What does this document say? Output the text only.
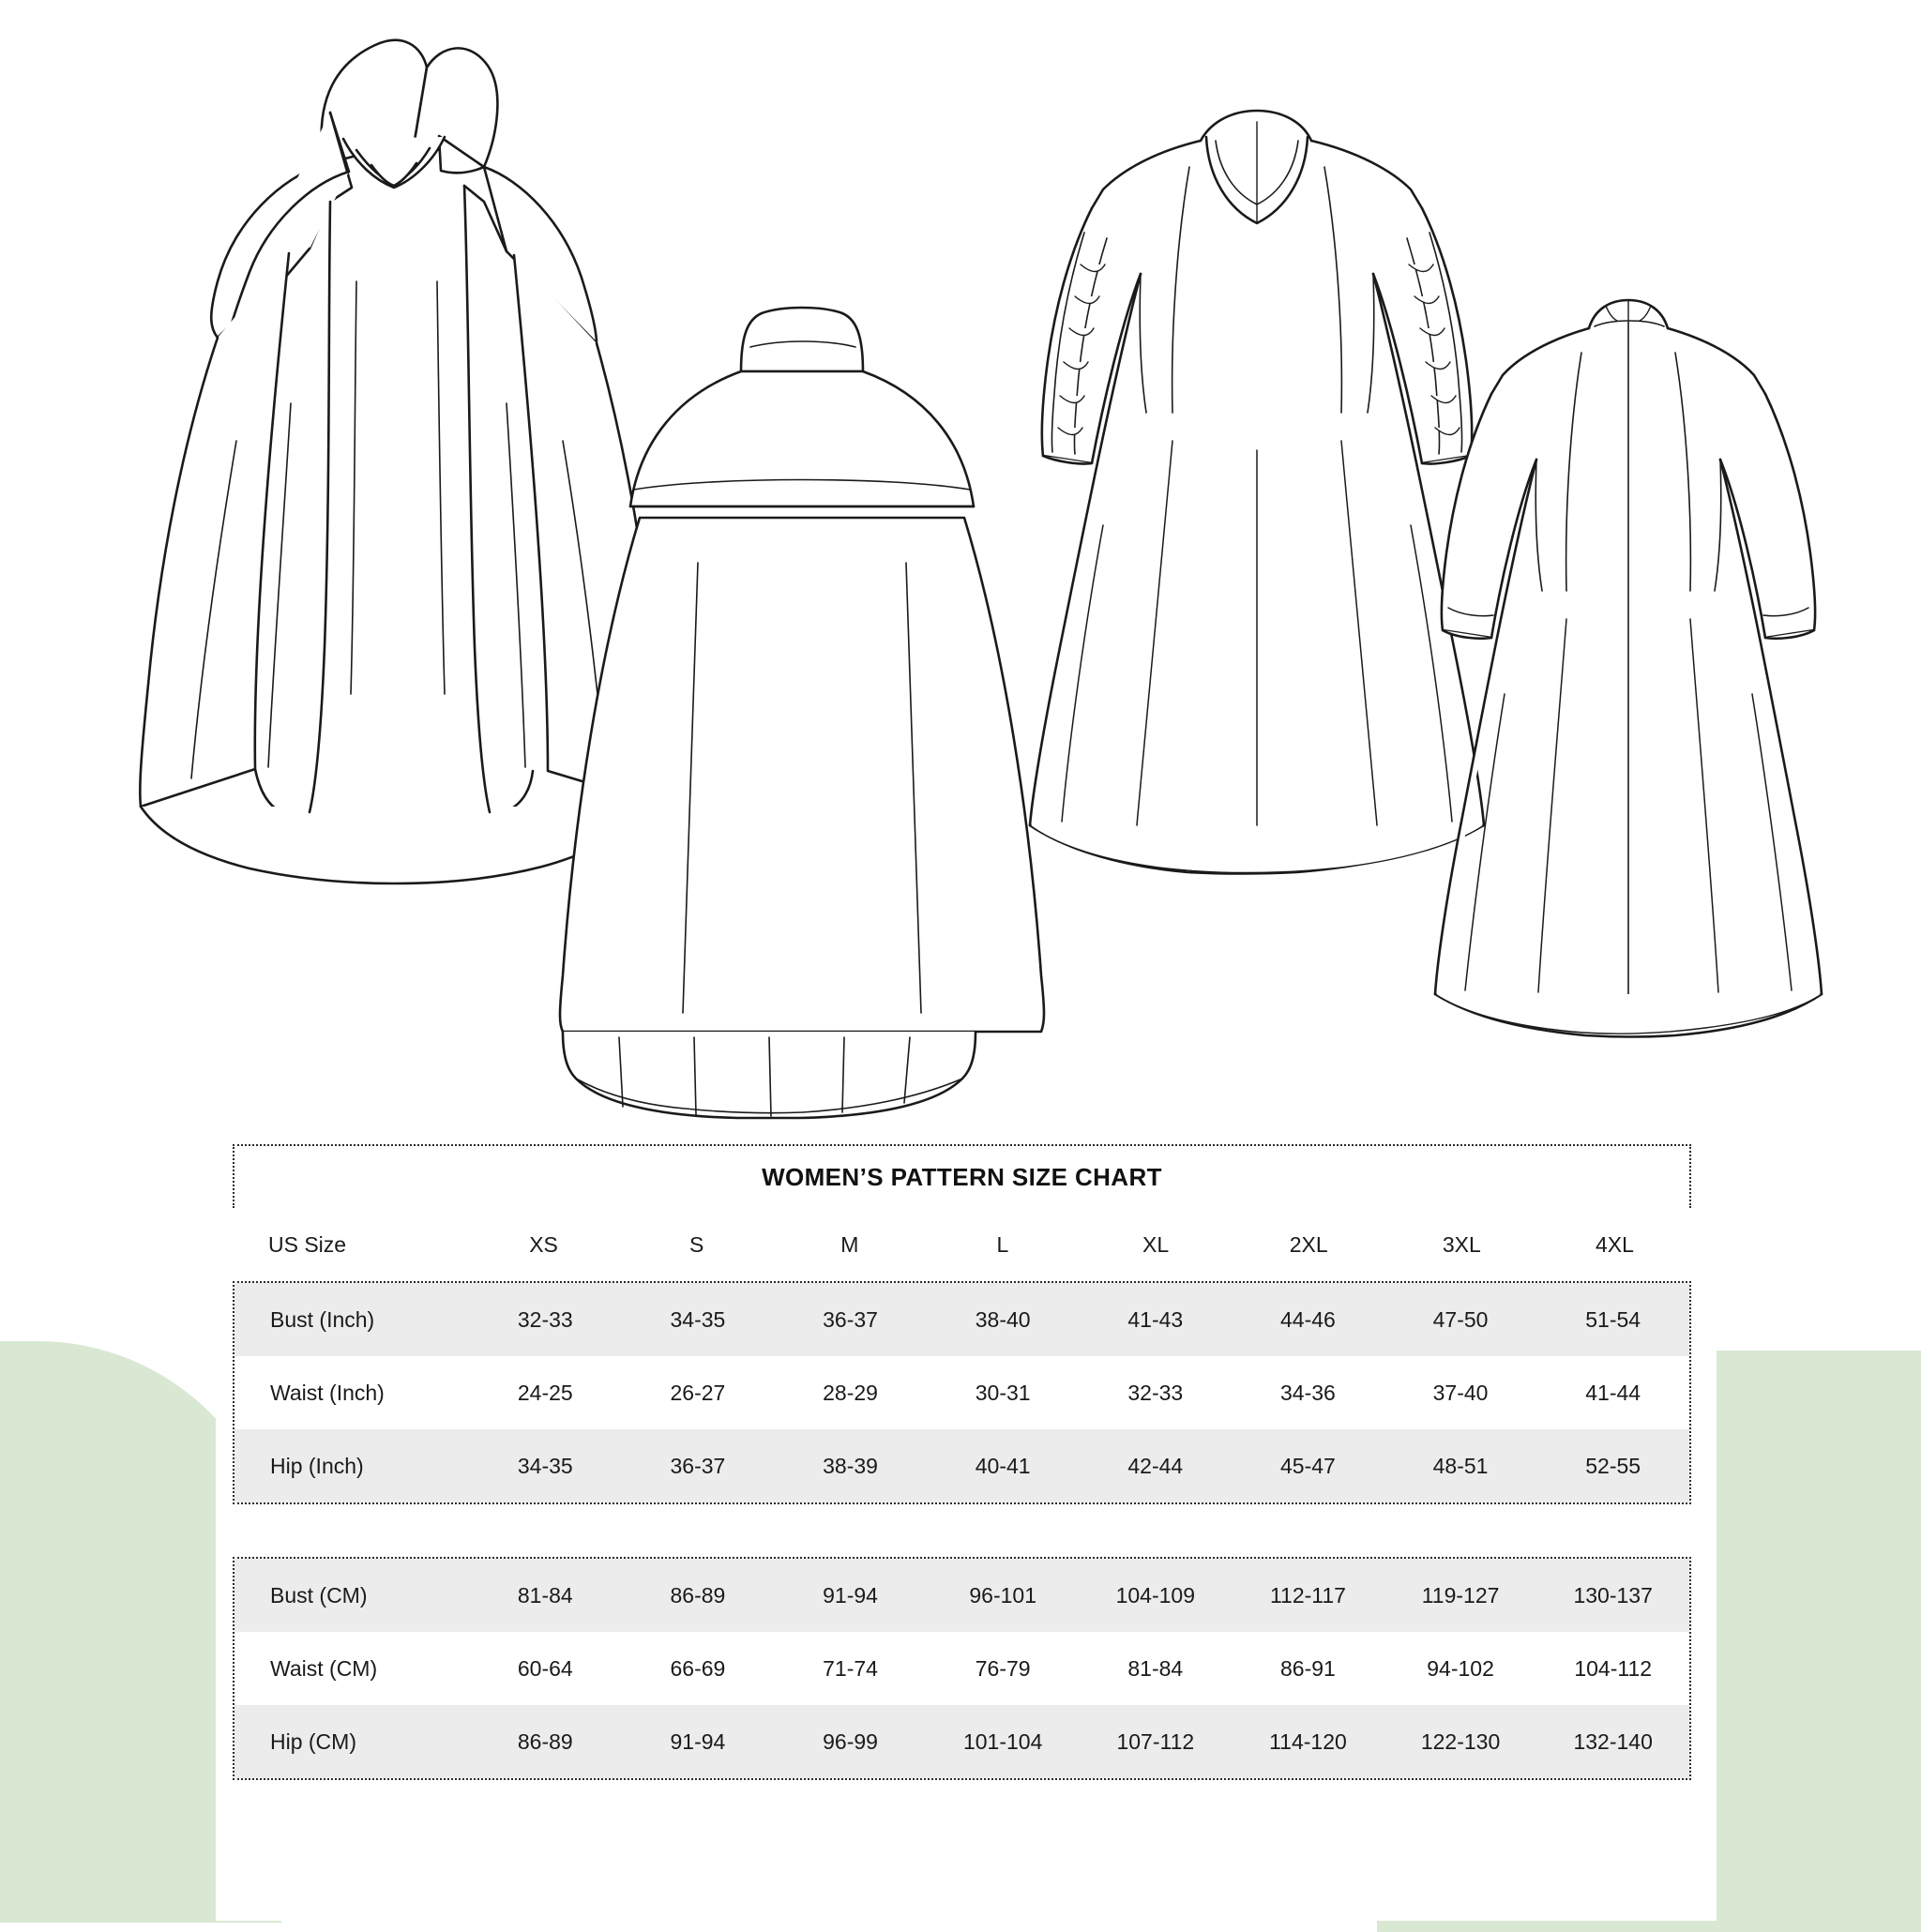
WOMEN’S PATTERN SIZE CHART
US Size	XS	S	M	L	XL	2XL	3XL	4XL
Bust (Inch)	32-33	34-35	36-37	38-40	41-43	44-46	47-50	51-54
Waist (Inch)	24-25	26-27	28-29	30-31	32-33	34-36	37-40	41-44
Hip (Inch)	34-35	36-37	38-39	40-41	42-44	45-47	48-51	52-55
Bust (CM)	81-84	86-89	91-94	96-101	104-109	112-117	119-127	130-137
Waist (CM)	60-64	66-69	71-74	76-79	81-84	86-91	94-102	104-112
Hip (CM)	86-89	91-94	96-99	101-104	107-112	114-120	122-130	132-140
